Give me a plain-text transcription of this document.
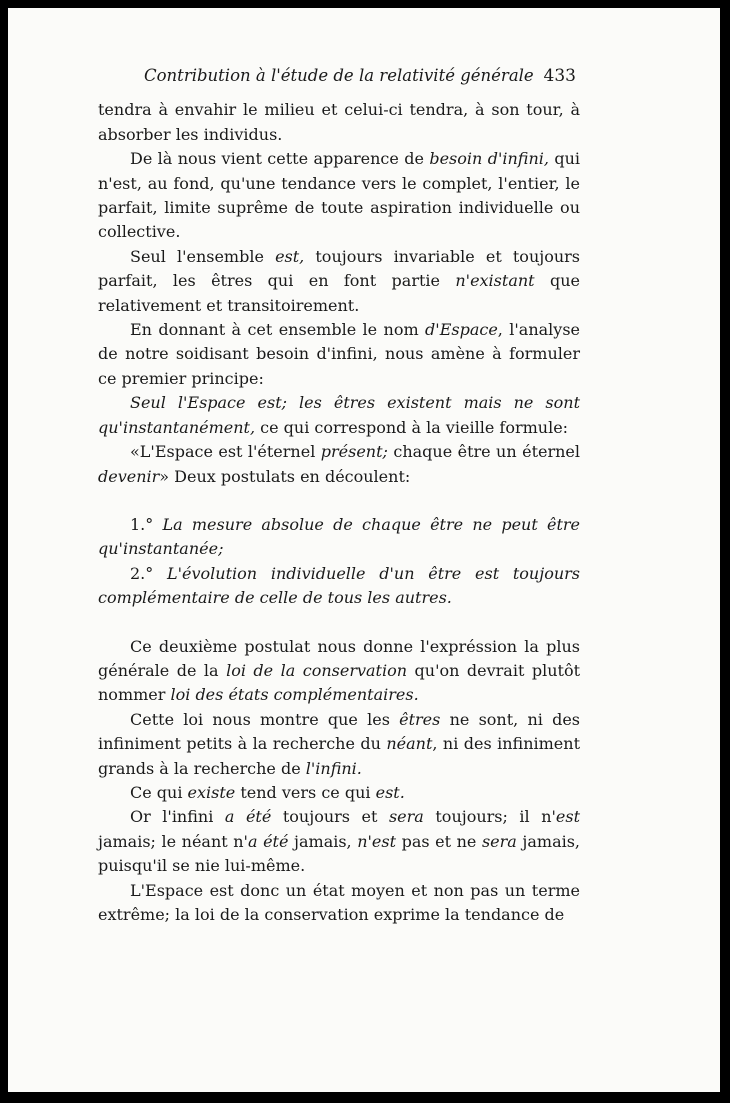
Contribution à l'étude de la relativité générale 433

tendra à envahir le milieu et celui-ci tendra, à son tour, à absorber les individus.

De là nous vient cette apparence de besoin d'infini, qui n'est, au fond, qu'une tendance vers le complet, l'entier, le parfait, limite suprême de toute aspiration individuelle ou collective.

Seul l'ensemble est, toujours invariable et toujours parfait, les êtres qui en font partie n'existant que relativement et transitoirement.

En donnant à cet ensemble le nom d'Espace, l'analyse de notre soidisant besoin d'infini, nous amène à formuler ce premier principe:

Seul l'Espace est; les êtres existent mais ne sont qu'instantanément, ce qui correspond à la vieille formule:

«L'Espace est l'éternel présent; chaque être un éternel devenir» Deux postulats en découlent:

1.° La mesure absolue de chaque être ne peut être qu'instantanée;

2.° L'évolution individuelle d'un être est toujours complémentaire de celle de tous les autres.

Ce deuxième postulat nous donne l'expréssion la plus générale de la loi de la conservation qu'on devrait plutôt nommer loi des états complémentaires.

Cette loi nous montre que les êtres ne sont, ni des infiniment petits à la recherche du néant, ni des infiniment grands à la recherche de l'infini.

Ce qui existe tend vers ce qui est.

Or l'infini a été toujours et sera toujours; il n'est jamais; le néant n'a été jamais, n'est pas et ne sera jamais, puisqu'il se nie lui-même.

L'Espace est donc un état moyen et non pas un terme extrême; la loi de la conservation exprime la tendance de
